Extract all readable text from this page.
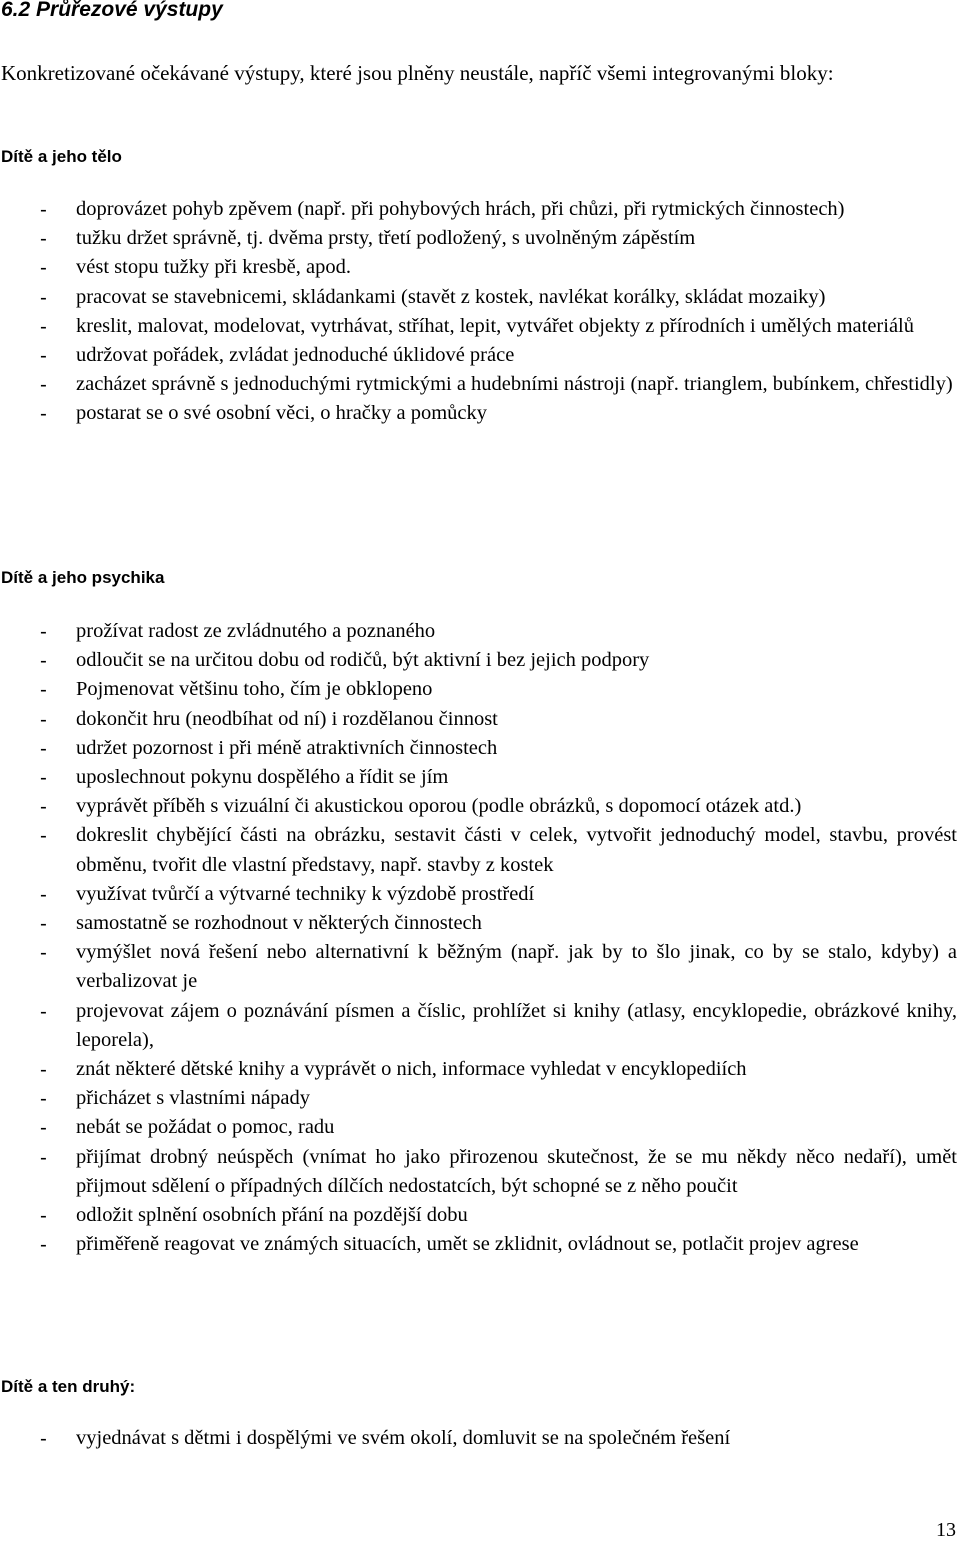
6.2 Průřezové výstupy

Konkretizované očekávané výstupy, které jsou plněny neustále, napříč všemi integrovanými bloky:

Dítě a jeho tělo
- doprovázet pohyb zpěvem (např. při pohybových hrách, při chůzi, při rytmických činnostech)
- tužku držet správně, tj. dvěma prsty, třetí podložený, s uvolněným zápěstím
- vést stopu tužky při kresbě, apod.
- pracovat se stavebnicemi, skládankami (stavět z kostek, navlékat korálky, skládat mozaiky)
- kreslit, malovat, modelovat, vytrhávat, stříhat, lepit, vytvářet objekty z přírodních i umělých materiálů
- udržovat pořádek, zvládat jednoduché úklidové práce
- zacházet správně s jednoduchými rytmickými a hudebními nástroji (např. trianglem, bubínkem, chřestidly)
- postarat se o své osobní věci, o hračky a pomůcky
Dítě a jeho psychika
- prožívat radost ze zvládnutého a poznaného
- odloučit se na určitou dobu od rodičů, být aktivní i bez jejich podpory
- Pojmenovat většinu toho, čím je obklopeno
- dokončit hru (neodbíhat od ní) i rozdělanou činnost
- udržet pozornost i při méně atraktivních činnostech
- uposlechnout pokynu dospělého a řídit se jím
- vyprávět příběh s vizuální či akustickou oporou (podle obrázků, s dopomocí otázek atd.)
- dokreslit chybějící části na obrázku, sestavit části v celek, vytvořit jednoduchý model, stavbu, provést obměnu, tvořit dle vlastní představy, např. stavby z kostek
- využívat tvůrčí a výtvarné techniky k výzdobě prostředí
- samostatně se rozhodnout v některých činnostech
- vymýšlet nová řešení nebo alternativní k běžným (např. jak by to šlo jinak, co by se stalo, kdyby) a verbalizovat je
- projevovat zájem o poznávání písmen a číslic, prohlížet si knihy (atlasy, encyklopedie, obrázkové knihy, leporela),
- znát některé dětské knihy a vyprávět o nich, informace vyhledat v encyklopediích
- přicházet s vlastními nápady
- nebát se požádat o pomoc, radu
- přijímat drobný neúspěch (vnímat ho jako přirozenou skutečnost, že se mu někdy něco nedaří), umět přijmout sdělení o případných dílčích nedostatcích, být schopné se z něho poučit
- odložit splnění osobních přání na pozdější dobu
- přiměřeně reagovat ve známých situacích, umět se zklidnit, ovládnout se, potlačit projev agrese
Dítě a ten druhý:
- vyjednávat s dětmi i dospělými ve svém okolí, domluvit se na společném řešení

13
